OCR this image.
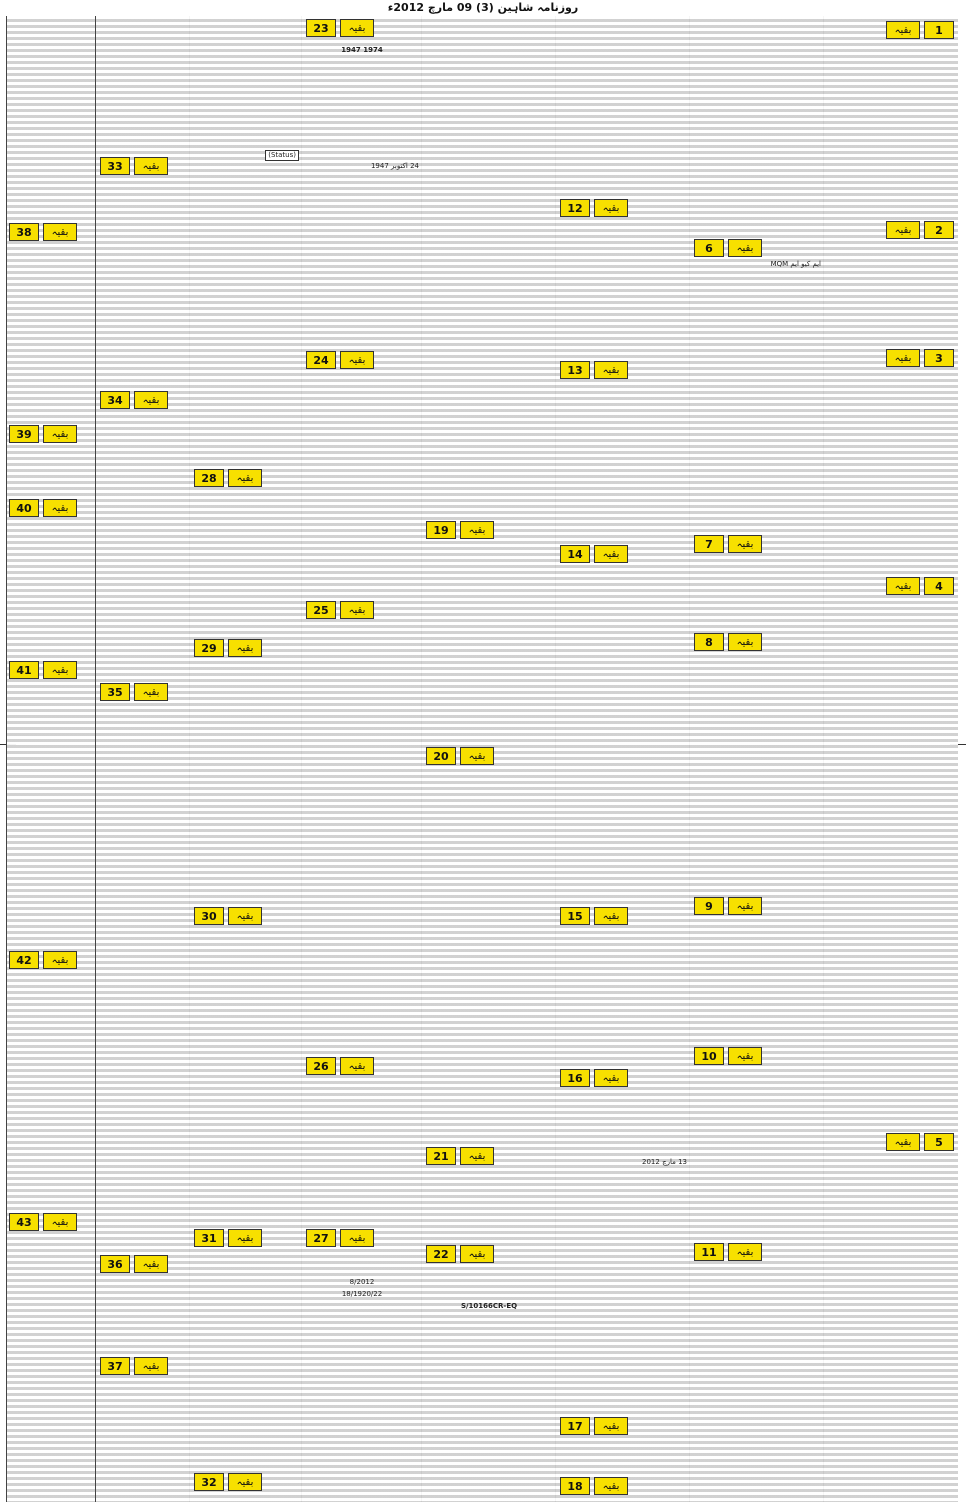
روزنامہ شاہین (3) 09 مارچ 2012ء
1
بقیہ
2
بقیہ
3
بقیہ
4
بقیہ
5
بقیہ
6	بقیہ
ایم کیو ایم MQM
7	بقیہ
8	بقیہ
9	بقیہ
10	بقیہ
11	بقیہ
12	بقیہ
13	بقیہ
14	بقیہ
15	بقیہ
16	بقیہ
13 مارچ 2012
17	بقیہ
18	بقیہ
19	بقیہ
20	بقیہ
21	بقیہ
22	بقیہ
S/10166CR-EQ
23	بقیہ
1947 1974
24 اکتوبر 1947
24	بقیہ
25	بقیہ
26	بقیہ
27	بقیہ
8/2012
18/1920/22
(Status)
28	بقیہ
29	بقیہ
30	بقیہ
31	بقیہ
32	بقیہ
33	بقیہ
34	بقیہ
35	بقیہ
36	بقیہ
37	بقیہ
38	بقیہ
39	بقیہ
40	بقیہ
41	بقیہ
42	بقیہ
43	بقیہ
